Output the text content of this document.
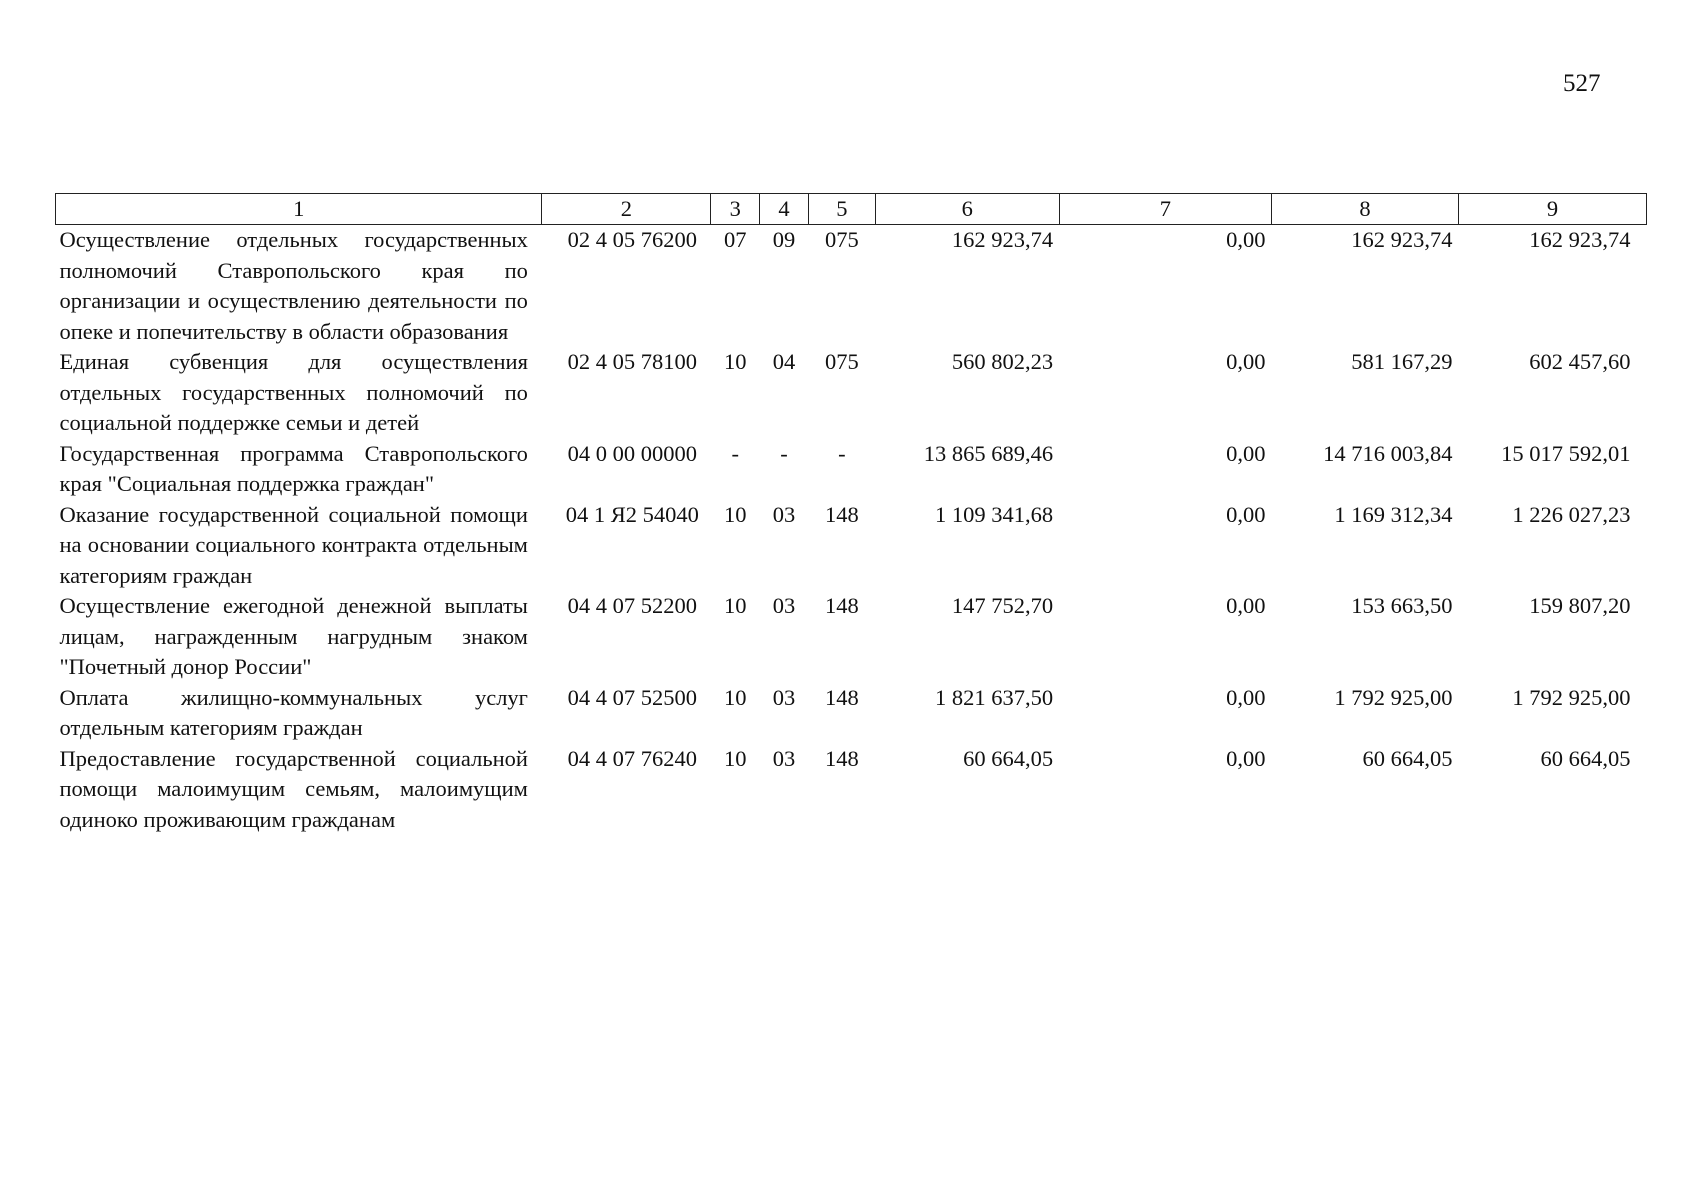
527
1	2	3	4	5	6	7	8	9
Осуществление отдельных государственных полномочий Ставропольского края по организации и осуществлению деятельности по опеке и попечительству в области образования	02 4 05 76200	07	09	075	162 923,74	0,00	162 923,74	162 923,74
Единая субвенция для осуществления отдельных государственных полномочий по социальной поддержке семьи и детей	02 4 05 78100	10	04	075	560 802,23	0,00	581 167,29	602 457,60
Государственная программа Ставропольского края "Социальная поддержка граждан"	04 0 00 00000	-	-	-	13 865 689,46	0,00	14 716 003,84	15 017 592,01
Оказание государственной социальной помощи на основании социального контракта отдельным категориям граждан	04 1 Я2 54040	10	03	148	1 109 341,68	0,00	1 169 312,34	1 226 027,23
Осуществление ежегодной денежной выплаты лицам, награжденным нагрудным знаком "Почетный донор России"	04 4 07 52200	10	03	148	147 752,70	0,00	153 663,50	159 807,20
Оплата жилищно-коммунальных услуг отдельным категориям граждан	04 4 07 52500	10	03	148	1 821 637,50	0,00	1 792 925,00	1 792 925,00
Предоставление государственной социальной помощи малоимущим семьям, малоимущим одиноко проживающим гражданам	04 4 07 76240	10	03	148	60 664,05	0,00	60 664,05	60 664,05
